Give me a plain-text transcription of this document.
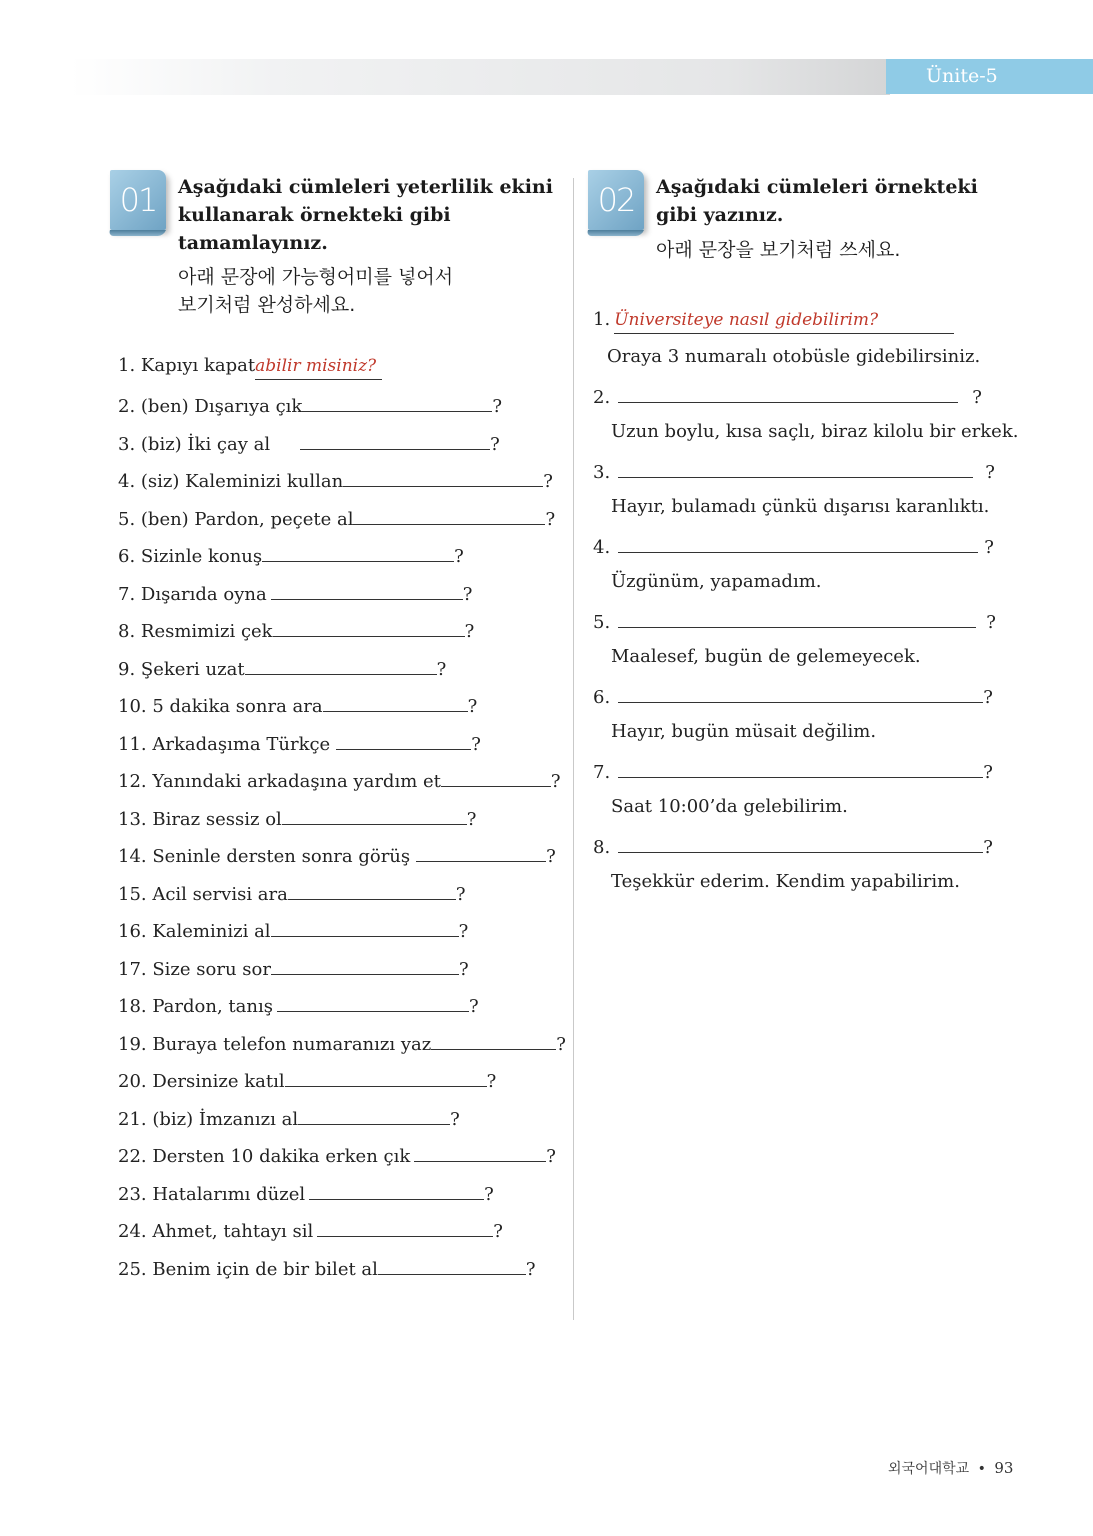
Ünite-5
01	Aşağıdaki cümleleri yeterlilik ekini
kullanarak örnekteki gibi
tamamlayınız.
아래 문장에 가능형어미를 넣어서
보기처럼 완성하세요.
1. Kapıyı kapat abilir misiniz?
2. (ben) Dışarıya çık	?
3. (biz) İki çay al	?
4. (siz) Kaleminizi kullan	?
5. (ben) Pardon, peçete al	?
6. Sizinle konuş	?
7. Dışarıda oyna	?
8. Resmimizi çek	?
9. Şekeri uzat	?
10. 5 dakika sonra ara	?
11. Arkadaşıma Türkçe	?
12. Yanındaki arkadaşına yardım et	?
13. Biraz sessiz ol	?
14. Seninle dersten sonra görüş	?
15. Acil servisi ara	?
16. Kaleminizi al	?
17. Size soru sor	?
18. Pardon, tanış	?
19. Buraya telefon numaranızı yaz	?
20. Dersinize katıl	?
21. (biz) İmzanızı al	?
22. Dersten 10 dakika erken çık	?
23. Hatalarımı düzel	?
24. Ahmet, tahtayı sil	?
25. Benim için de bir bilet al	?
02	Aşağıdaki cümleleri örnekteki
gibi yazınız.
아래 문장을 보기처럼 쓰세요.
1. Üniversiteye nasıl gidebilirim?
Oraya 3 numaralı otobüsle gidebilirsiniz.
2.	?
Uzun boylu, kısa saçlı, biraz kilolu bir erkek.
3.	?
Hayır, bulamadı çünkü dışarısı karanlıktı.
4.	?
Üzgünüm, yapamadım.
5.	?
Maalesef, bugün de gelemeyecek.
6.	?
Hayır, bugün müsait değilim.
7.	?
Saat 10:00’da gelebilirim.
8.	?
Teşekkür ederim. Kendim yapabilirim.
외국어대학교 • 93
